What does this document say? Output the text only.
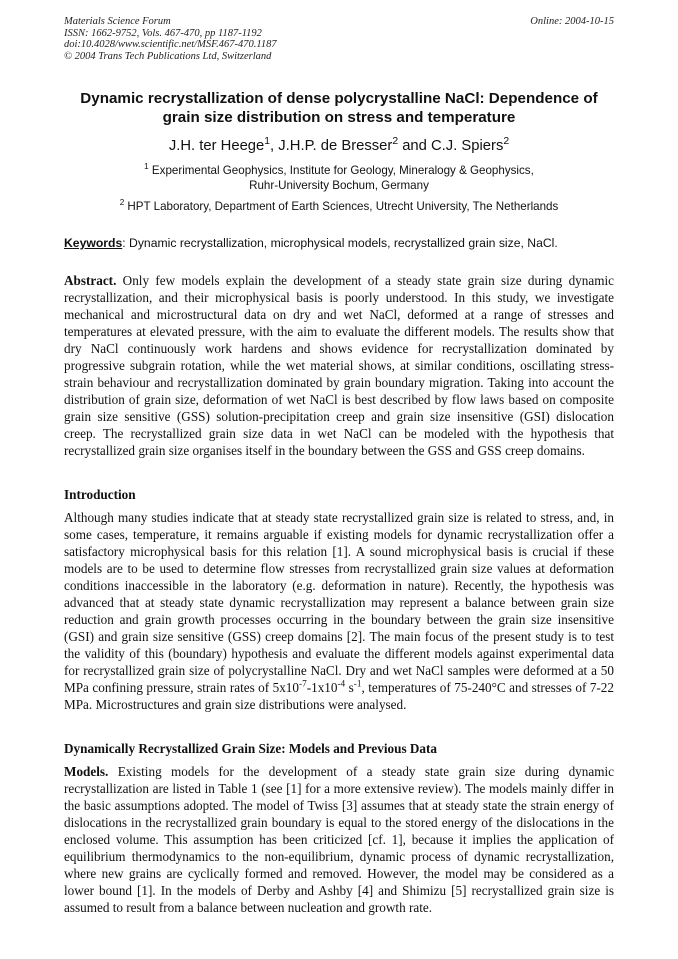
Materials Science Forum
ISSN: 1662-9752, Vols. 467-470, pp 1187-1192
doi:10.4028/www.scientific.net/MSF.467-470.1187
© 2004 Trans Tech Publications Ltd, Switzerland
Online: 2004-10-15
Dynamic recrystallization of dense polycrystalline NaCl: Dependence of
grain size distribution on stress and temperature
J.H. ter Heege$^1$, J.H.P. de Bresser$^2$ and C.J. Spiers$^2$
$^1$ Experimental Geophysics, Institute for Geology, Mineralogy & Geophysics,
Ruhr-University Bochum, Germany
$^2$ HPT Laboratory, Department of Earth Sciences, Utrecht University, The Netherlands
Keywords: Dynamic recrystallization, microphysical models, recrystallized grain size, NaCl.

Abstract. Only few models explain the development of a steady state grain size during dynamic recrystallization, and their microphysical basis is poorly understood. In this study, we investigate mechanical and microstructural data on dry and wet NaCl, deformed at a range of stresses and temperatures at elevated pressure, with the aim to evaluate the different models. The results show that dry NaCl continuously work hardens and shows evidence for recrystallization dominated by progressive subgrain rotation, while the wet material shows, at similar conditions, oscillating stress-strain behaviour and recrystallization dominated by grain boundary migration. Taking into account the distribution of grain size, deformation of wet NaCl is best described by flow laws based on composite grain size sensitive (GSS) solution-precipitation creep and grain size insensitive (GSI) dislocation creep. The recrystallized grain size data in wet NaCl can be modeled with the hypothesis that recrystallized grain size organises itself in the boundary between the GSS and GSS creep domains.

Introduction

Although many studies indicate that at steady state recrystallized grain size is related to stress, and, in some cases, temperature, it remains arguable if existing models for dynamic recrystallization offer a satisfactory microphysical basis for this relation [1]. A sound microphysical basis is crucial if these models are to be used to determine flow stresses from recrystallized grain size values at deformation conditions inaccessible in the laboratory (e.g. deformation in nature). Recently, the hypothesis was advanced that at steady state dynamic recrystallization may represent a balance between grain size reduction and grain growth processes occurring in the boundary between the grain size insensitive (GSI) and grain size sensitive (GSS) creep domains [2]. The main focus of the present study is to test the validity of this (boundary) hypothesis and evaluate the different models against experimental data for recrystallized grain size of polycrystalline NaCl. Dry and wet NaCl samples were deformed at a 50 MPa confining pressure, strain rates of $5x10^{-7}-1x10^{-4}$ $s^{-1}$, temperatures of 75-240°C and stresses of 7-22 MPa. Microstructures and grain size distributions were analysed.

Dynamically Recrystallized Grain Size: Models and Previous Data

Models. Existing models for the development of a steady state grain size during dynamic recrystallization are listed in Table 1 (see [1] for a more extensive review). The models mainly differ in the basic assumptions adopted. The model of Twiss [3] assumes that at steady state the strain energy of dislocations in the recrystallized grain boundary is equal to the stored energy of the dislocations in the enclosed volume. This assumption has been criticized [cf. 1], because it implies the application of equilibrium thermodynamics to the non-equilibrium, dynamic process of dynamic recrystallization, where new grains are cyclically formed and removed. However, the model may be considered as a lower bound [1]. In the models of Derby and Ashby [4] and Shimizu [5] recrystallized grain size is assumed to result from a balance between nucleation and growth rate.
